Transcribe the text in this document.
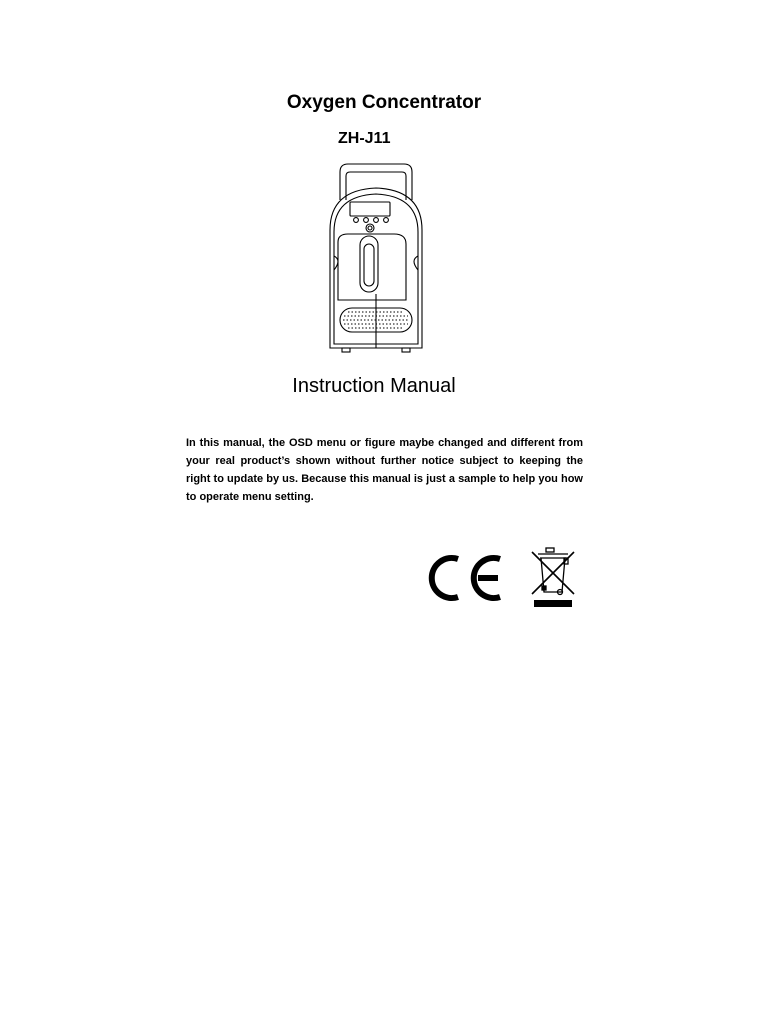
Oxygen Concentrator
ZH-J11
Instruction Manual

In this manual, the OSD menu or figure maybe changed and different from your real product’s shown without further notice subject to keeping the right to update by us. Because this manual is just a sample to help you how to operate menu setting.
